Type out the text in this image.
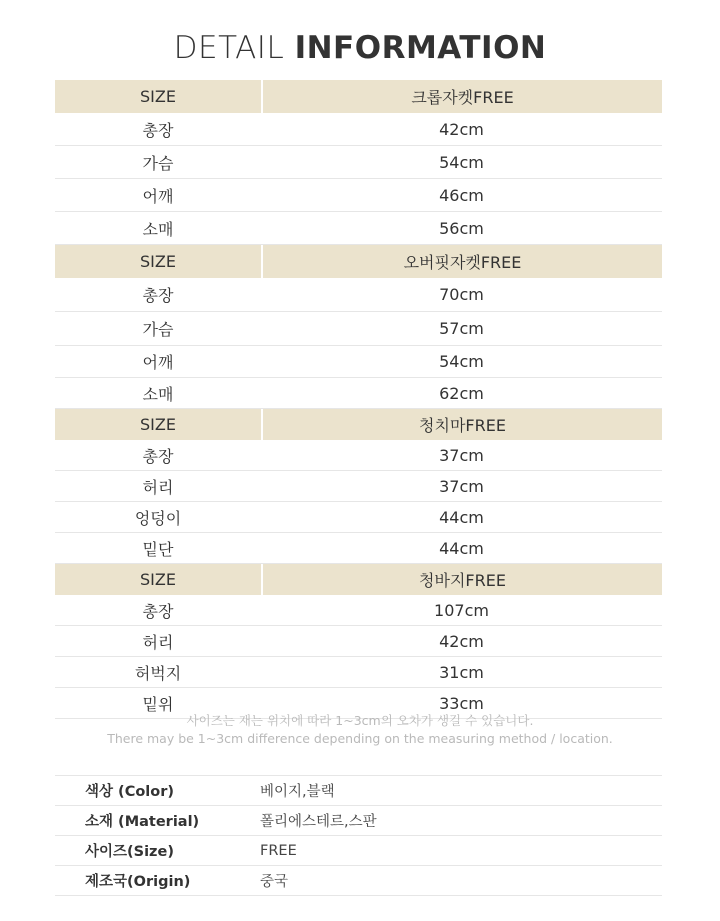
DETAIL INFORMATION
SIZE	크롭자켓FREE
총장	42cm
가슴	54cm
어깨	46cm
소매	56cm
SIZE	오버핏자켓FREE
총장	70cm
가슴	57cm
어깨	54cm
소매	62cm
SIZE	청치마FREE
총장	37cm
허리	37cm
엉덩이	44cm
밑단	44cm
SIZE	청바지FREE
총장	107cm
허리	42cm
허벅지	31cm
밑위	33cm
사이즈는 재는 위치에 따라 1~3cm의 오차가 생길 수 있습니다.
There may be 1~3cm difference depending on the measuring method / location.
색상 (Color)	베이지,블랙
소재 (Material)	폴리에스테르,스판
사이즈(Size)	FREE
제조국(Origin)	중국
